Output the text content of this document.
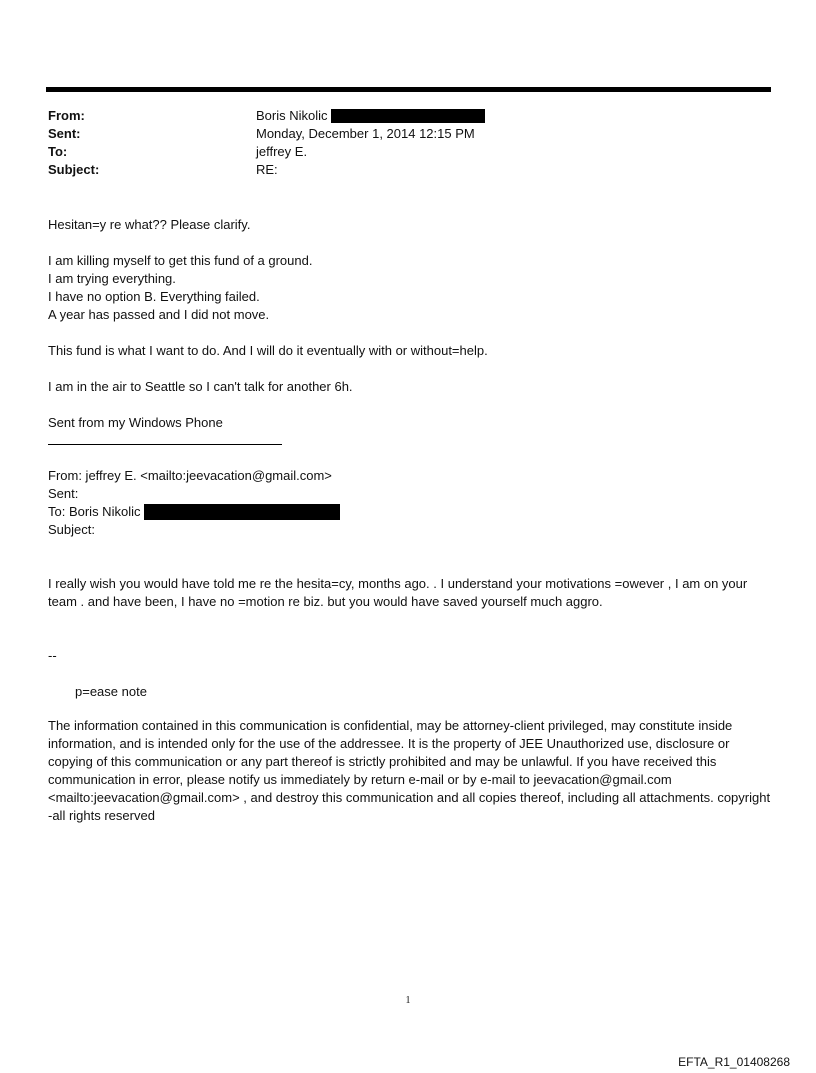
From:	Boris Nikolic
Sent:	Monday, December 1, 2014 12:15 PM
To:	jeffrey E.
Subject:	RE:
Hesitan=y re what?? Please clarify.
I am killing myself to get this fund of a ground.
I am trying everything.
I have no option B. Everything failed.
A year has passed and I did not move.
This fund is what I want to do. And I will do it eventually with or without=help.
I am in the air to Seattle so I can't talk for another 6h.
Sent from my Windows Phone
From: jeffrey E. <mailto:jeevacation@gmail.com>
Sent:
To: Boris Nikolic
Subject:
I really wish you would have told me re the hesita=cy, months ago. . I understand your motivations =owever , I am on your team . and have been, I have no =motion re biz. but you would have saved yourself much aggro.
--
p=ease note
The information contained in this communication is confidential, may be attorney-client privileged, may constitute inside information, and is intended only for the use of the addressee. It is the property of JEE Unauthorized use, disclosure or copying of this communication or any part thereof is strictly prohibited and may be unlawful. If you have received this communication in error, please notify us immediately by return e-mail or by e-mail to jeevacation@gmail.com <mailto:jeevacation@gmail.com> , and destroy this communication and all copies thereof, including all attachments. copyright -all rights reserved
1
EFTA_R1_01408268
